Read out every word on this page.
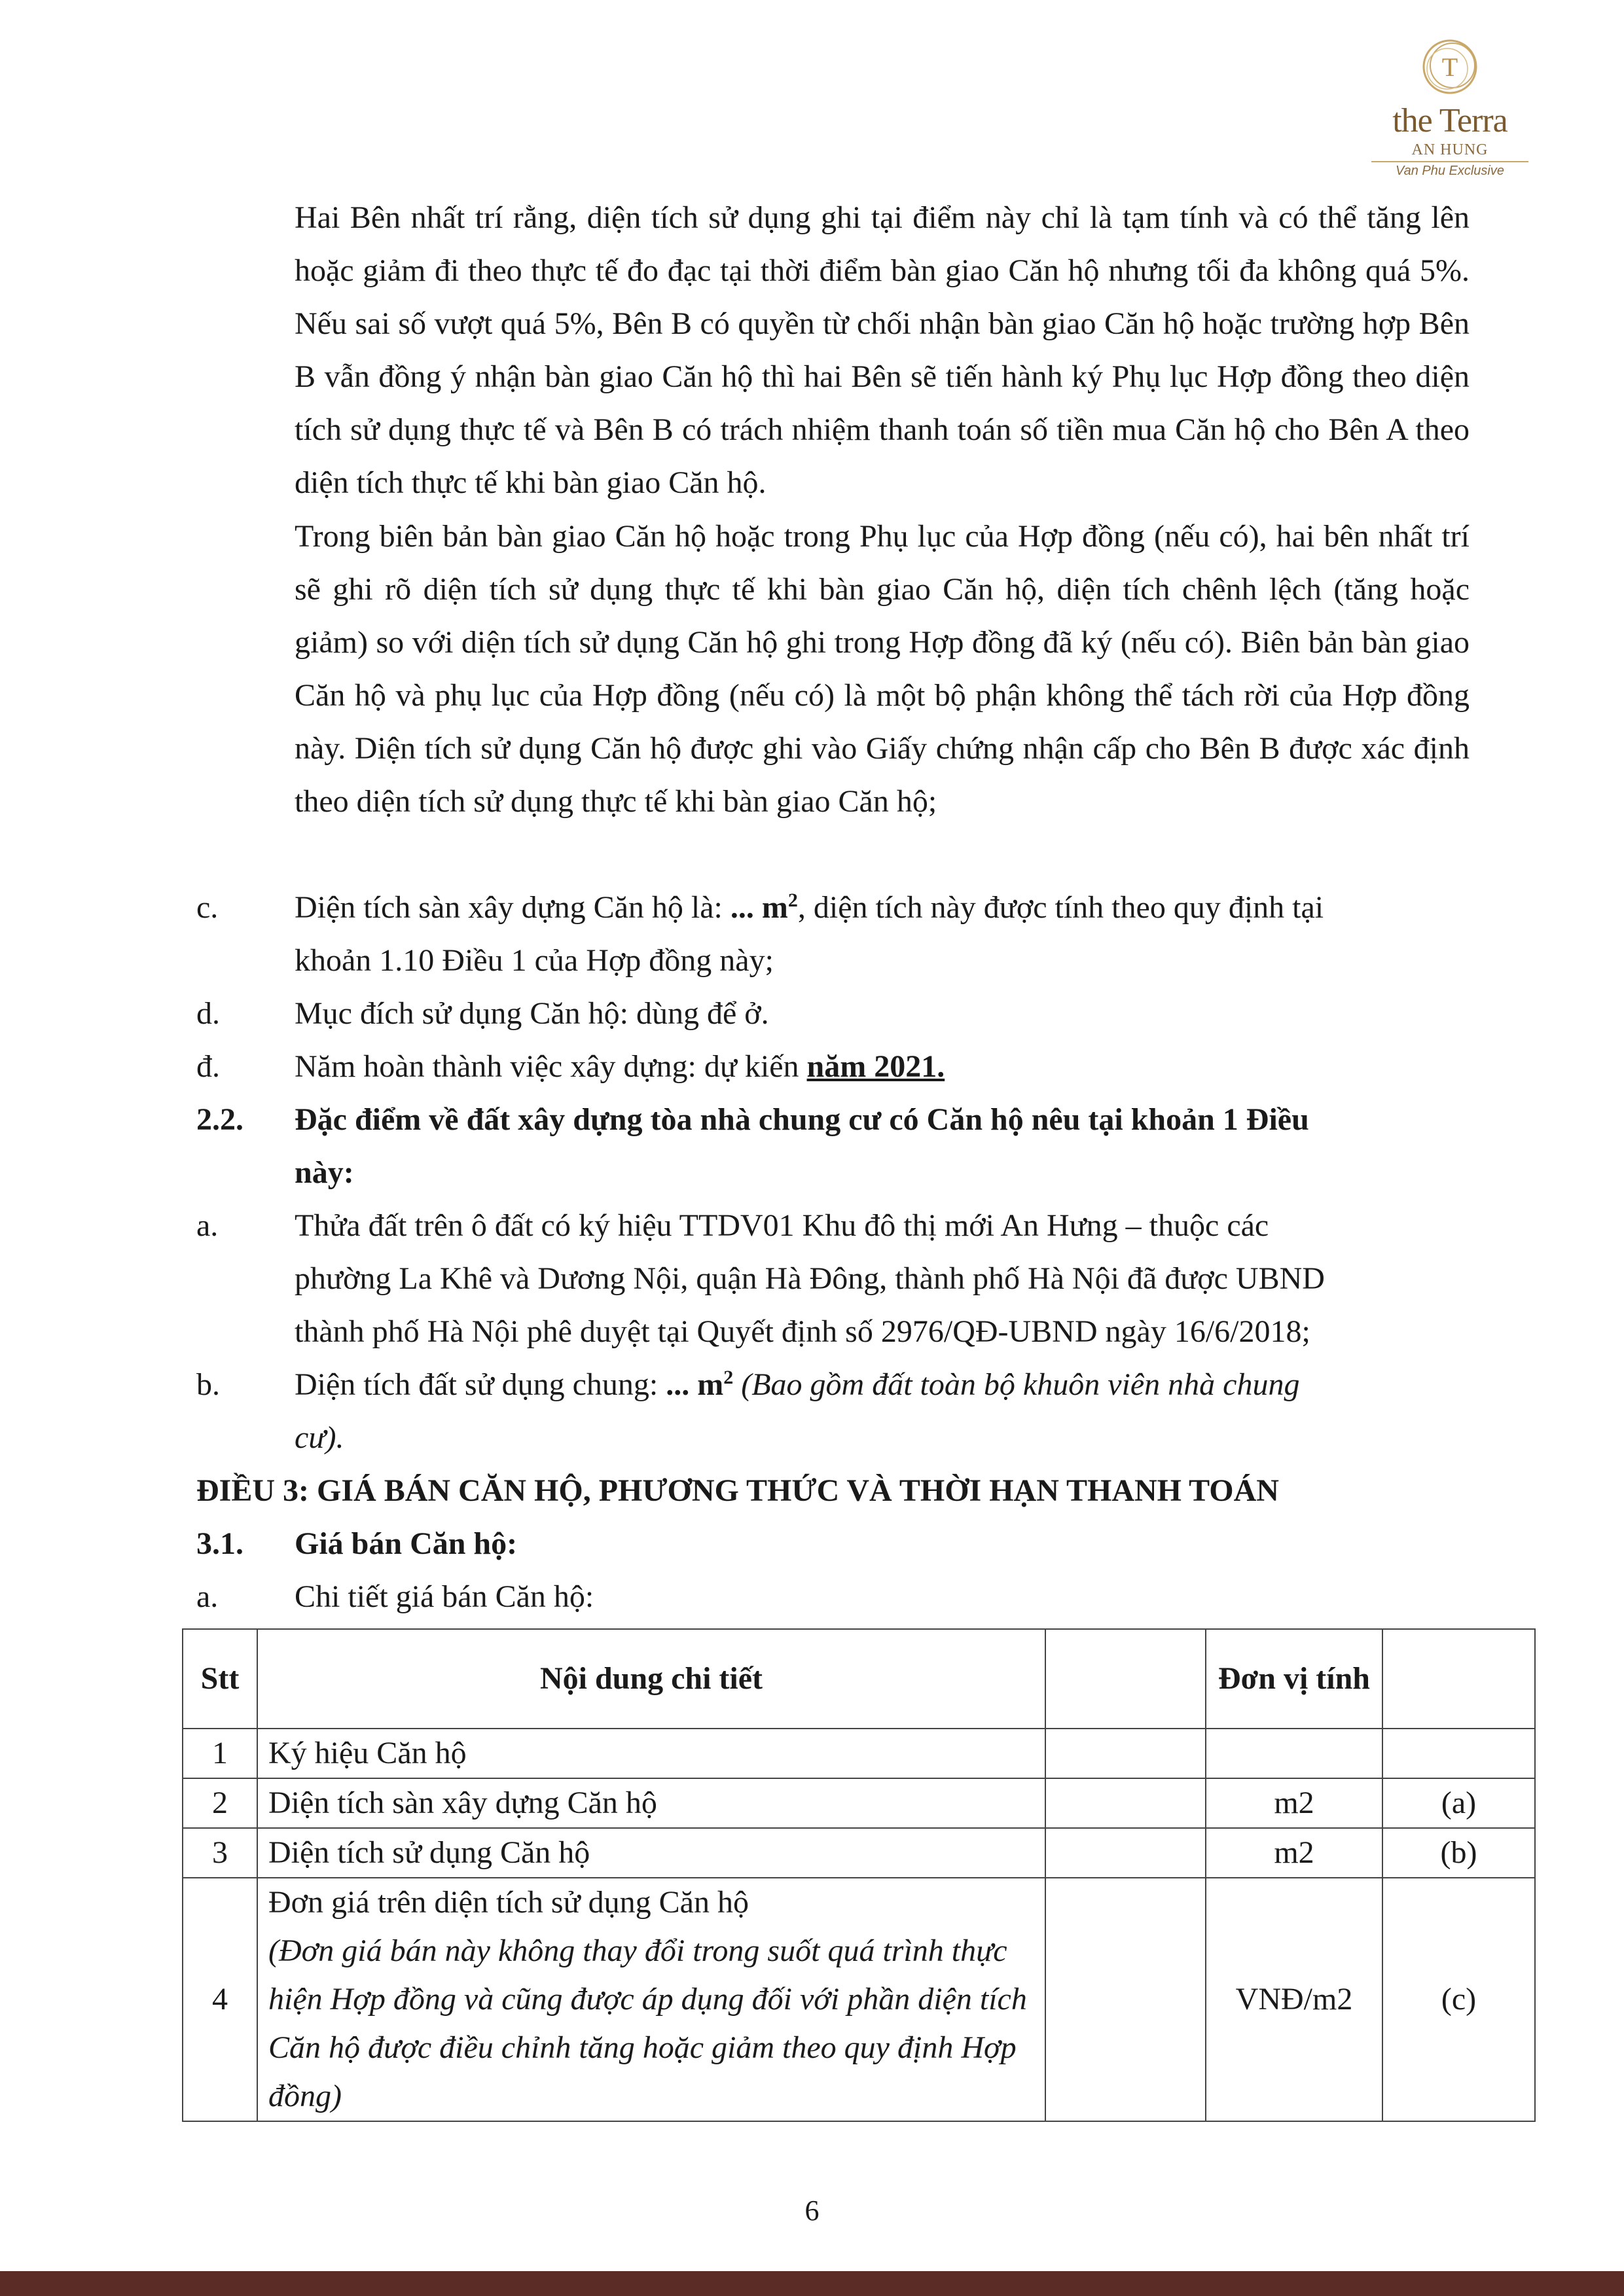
T
the Terra
AN HUNG
Van Phu Exclusive
Hai Bên nhất trí rằng, diện tích sử dụng ghi tại điểm này chỉ là tạm tính và có thể tăng lên hoặc giảm đi theo thực tế đo đạc tại thời điểm bàn giao Căn hộ nhưng tối đa không quá 5%. Nếu sai số vượt quá 5%, Bên B có quyền từ chối nhận bàn giao Căn hộ hoặc trường hợp Bên B vẫn đồng ý nhận bàn giao Căn hộ thì hai Bên sẽ tiến hành ký Phụ lục Hợp đồng theo diện tích sử dụng thực tế và Bên B có trách nhiệm thanh toán số tiền mua Căn hộ cho Bên A theo diện tích thực tế khi bàn giao Căn hộ.
Trong biên bản bàn giao Căn hộ hoặc trong Phụ lục của Hợp đồng (nếu có), hai bên nhất trí sẽ ghi rõ diện tích sử dụng thực tế khi bàn giao Căn hộ, diện tích chênh lệch (tăng hoặc giảm) so với diện tích sử dụng Căn hộ ghi trong Hợp đồng đã ký (nếu có). Biên bản bàn giao Căn hộ và phụ lục của Hợp đồng (nếu có) là một bộ phận không thể tách rời của Hợp đồng này. Diện tích sử dụng Căn hộ được ghi vào Giấy chứng nhận cấp cho Bên B được xác định theo diện tích sử dụng thực tế khi bàn giao Căn hộ;
c. Diện tích sàn xây dựng Căn hộ là: ... $m^2$, diện tích này được tính theo quy định tại
khoản 1.10 Điều 1 của Hợp đồng này;
d. Mục đích sử dụng Căn hộ: dùng để ở.
đ. Năm hoàn thành việc xây dựng: dự kiến năm 2021.
2.2. Đặc điểm về đất xây dựng tòa nhà chung cư có Căn hộ nêu tại khoản 1 Điều
này:
a. Thửa đất trên ô đất có ký hiệu TTDV01 Khu đô thị mới An Hưng – thuộc các
phường La Khê và Dương Nội, quận Hà Đông, thành phố Hà Nội đã được UBND
thành phố Hà Nội phê duyệt tại Quyết định số 2976/QĐ-UBND ngày 16/6/2018;
b. Diện tích đất sử dụng chung: ... $m^2$ (Bao gồm đất toàn bộ khuôn viên nhà chung
cư).
ĐIỀU 3: GIÁ BÁN CĂN HỘ, PHƯƠNG THỨC VÀ THỜI HẠN THANH TOÁN
3.1. Giá bán Căn hộ:
a. Chi tiết giá bán Căn hộ:
Stt	Nội dung chi tiết		Đơn vị tính	
1	Ký hiệu Căn hộ			
2	Diện tích sàn xây dựng Căn hộ		m2	(a)
3	Diện tích sử dụng Căn hộ		m2	(b)
4	Đơn giá trên diện tích sử dụng Căn hộ
(Đơn giá bán này không thay đổi trong suốt quá trình thực hiện Hợp đồng và cũng được áp dụng đối với phần diện tích Căn hộ được điều chỉnh tăng hoặc giảm theo quy định Hợp đồng)		VNĐ/m2	(c)
6
